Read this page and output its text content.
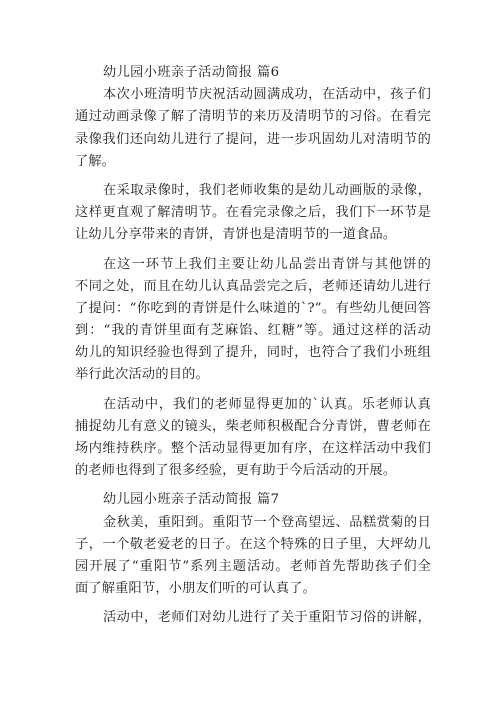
幼儿园小班亲子活动简报 篇6
本次小班清明节庆祝活动圆满成功，在活动中，孩子们
通过动画录像了解了清明节的来历及清明节的习俗。在看完
录像我们还向幼儿进行了提问，进一步巩固幼儿对清明节的
了解。
在采取录像时，我们老师收集的是幼儿动画版的录像，
这样更直观了解清明节。在看完录像之后，我们下一环节是
让幼儿分享带来的青饼，青饼也是清明节的一道食品。
在这一环节上我们主要让幼儿品尝出青饼与其他饼的
不同之处，而且在幼儿认真品尝完之后，老师还请幼儿进行
了提问：“你吃到的青饼是什么味道的`?”。有些幼儿便回答
到：“我的青饼里面有芝麻馅、红糖”等。通过这样的活动
幼儿的知识经验也得到了提升，同时，也符合了我们小班组
举行此次活动的目的。
在活动中，我们的老师显得更加的`认真。乐老师认真
捕捉幼儿有意义的镜头，柴老师积极配合分青饼，曹老师在
场内维持秩序。整个活动显得更加有序，在这样活动中我们
的老师也得到了很多经验，更有助于今后活动的开展。
幼儿园小班亲子活动简报 篇7
金秋美，重阳到。重阳节一个登高望远、品糕赏菊的日
子，一个敬老爱老的日子。在这个特殊的日子里，大坪幼儿
园开展了“重阳节”系列主题活动。老师首先帮助孩子们全
面了解重阳节，小朋友们听的可认真了。
活动中，老师们对幼儿进行了关于重阳节习俗的讲解，
